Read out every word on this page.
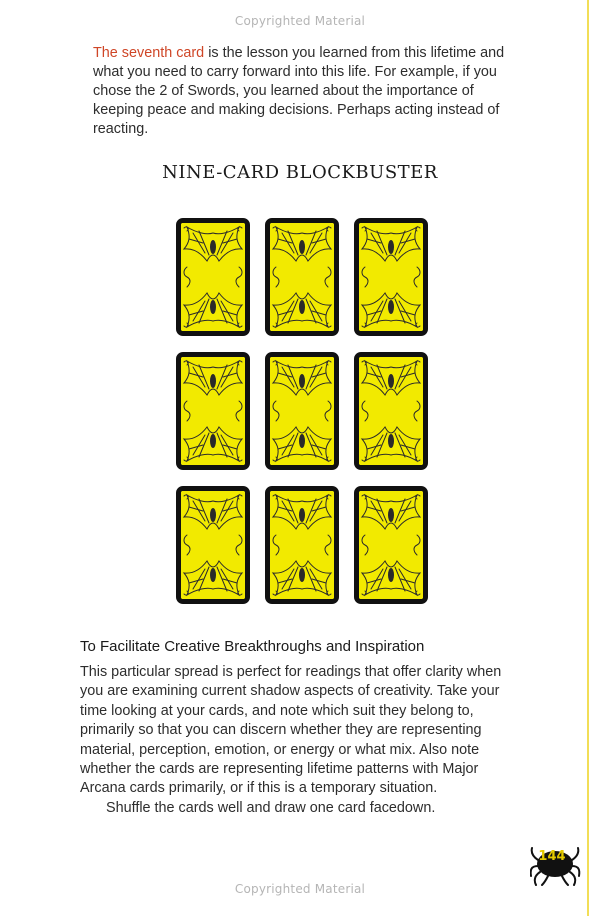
Copyrighted Material

The seventh card is the lesson you learned from this lifetime and what you need to carry forward into this life. For example, if you chose the 2 of Swords, you learned about the importance of keeping peace and making decisions. Perhaps acting instead of reacting.

NINE-CARD BLOCKBUSTER
To Facilitate Creative Breakthroughs and Inspiration

This particular spread is perfect for readings that offer clarity when you are examining current shadow aspects of creativity. Take your time looking at your cards, and note which suit they belong to, primarily so that you can discern whether they are representing material, perception, emotion, or energy or what mix. Also note whether the cards are representing lifetime patterns with Major Arcana cards primarily, or if this is a temporary situation.

Shuffle the cards well and draw one card facedown.

144
Copyrighted Material
